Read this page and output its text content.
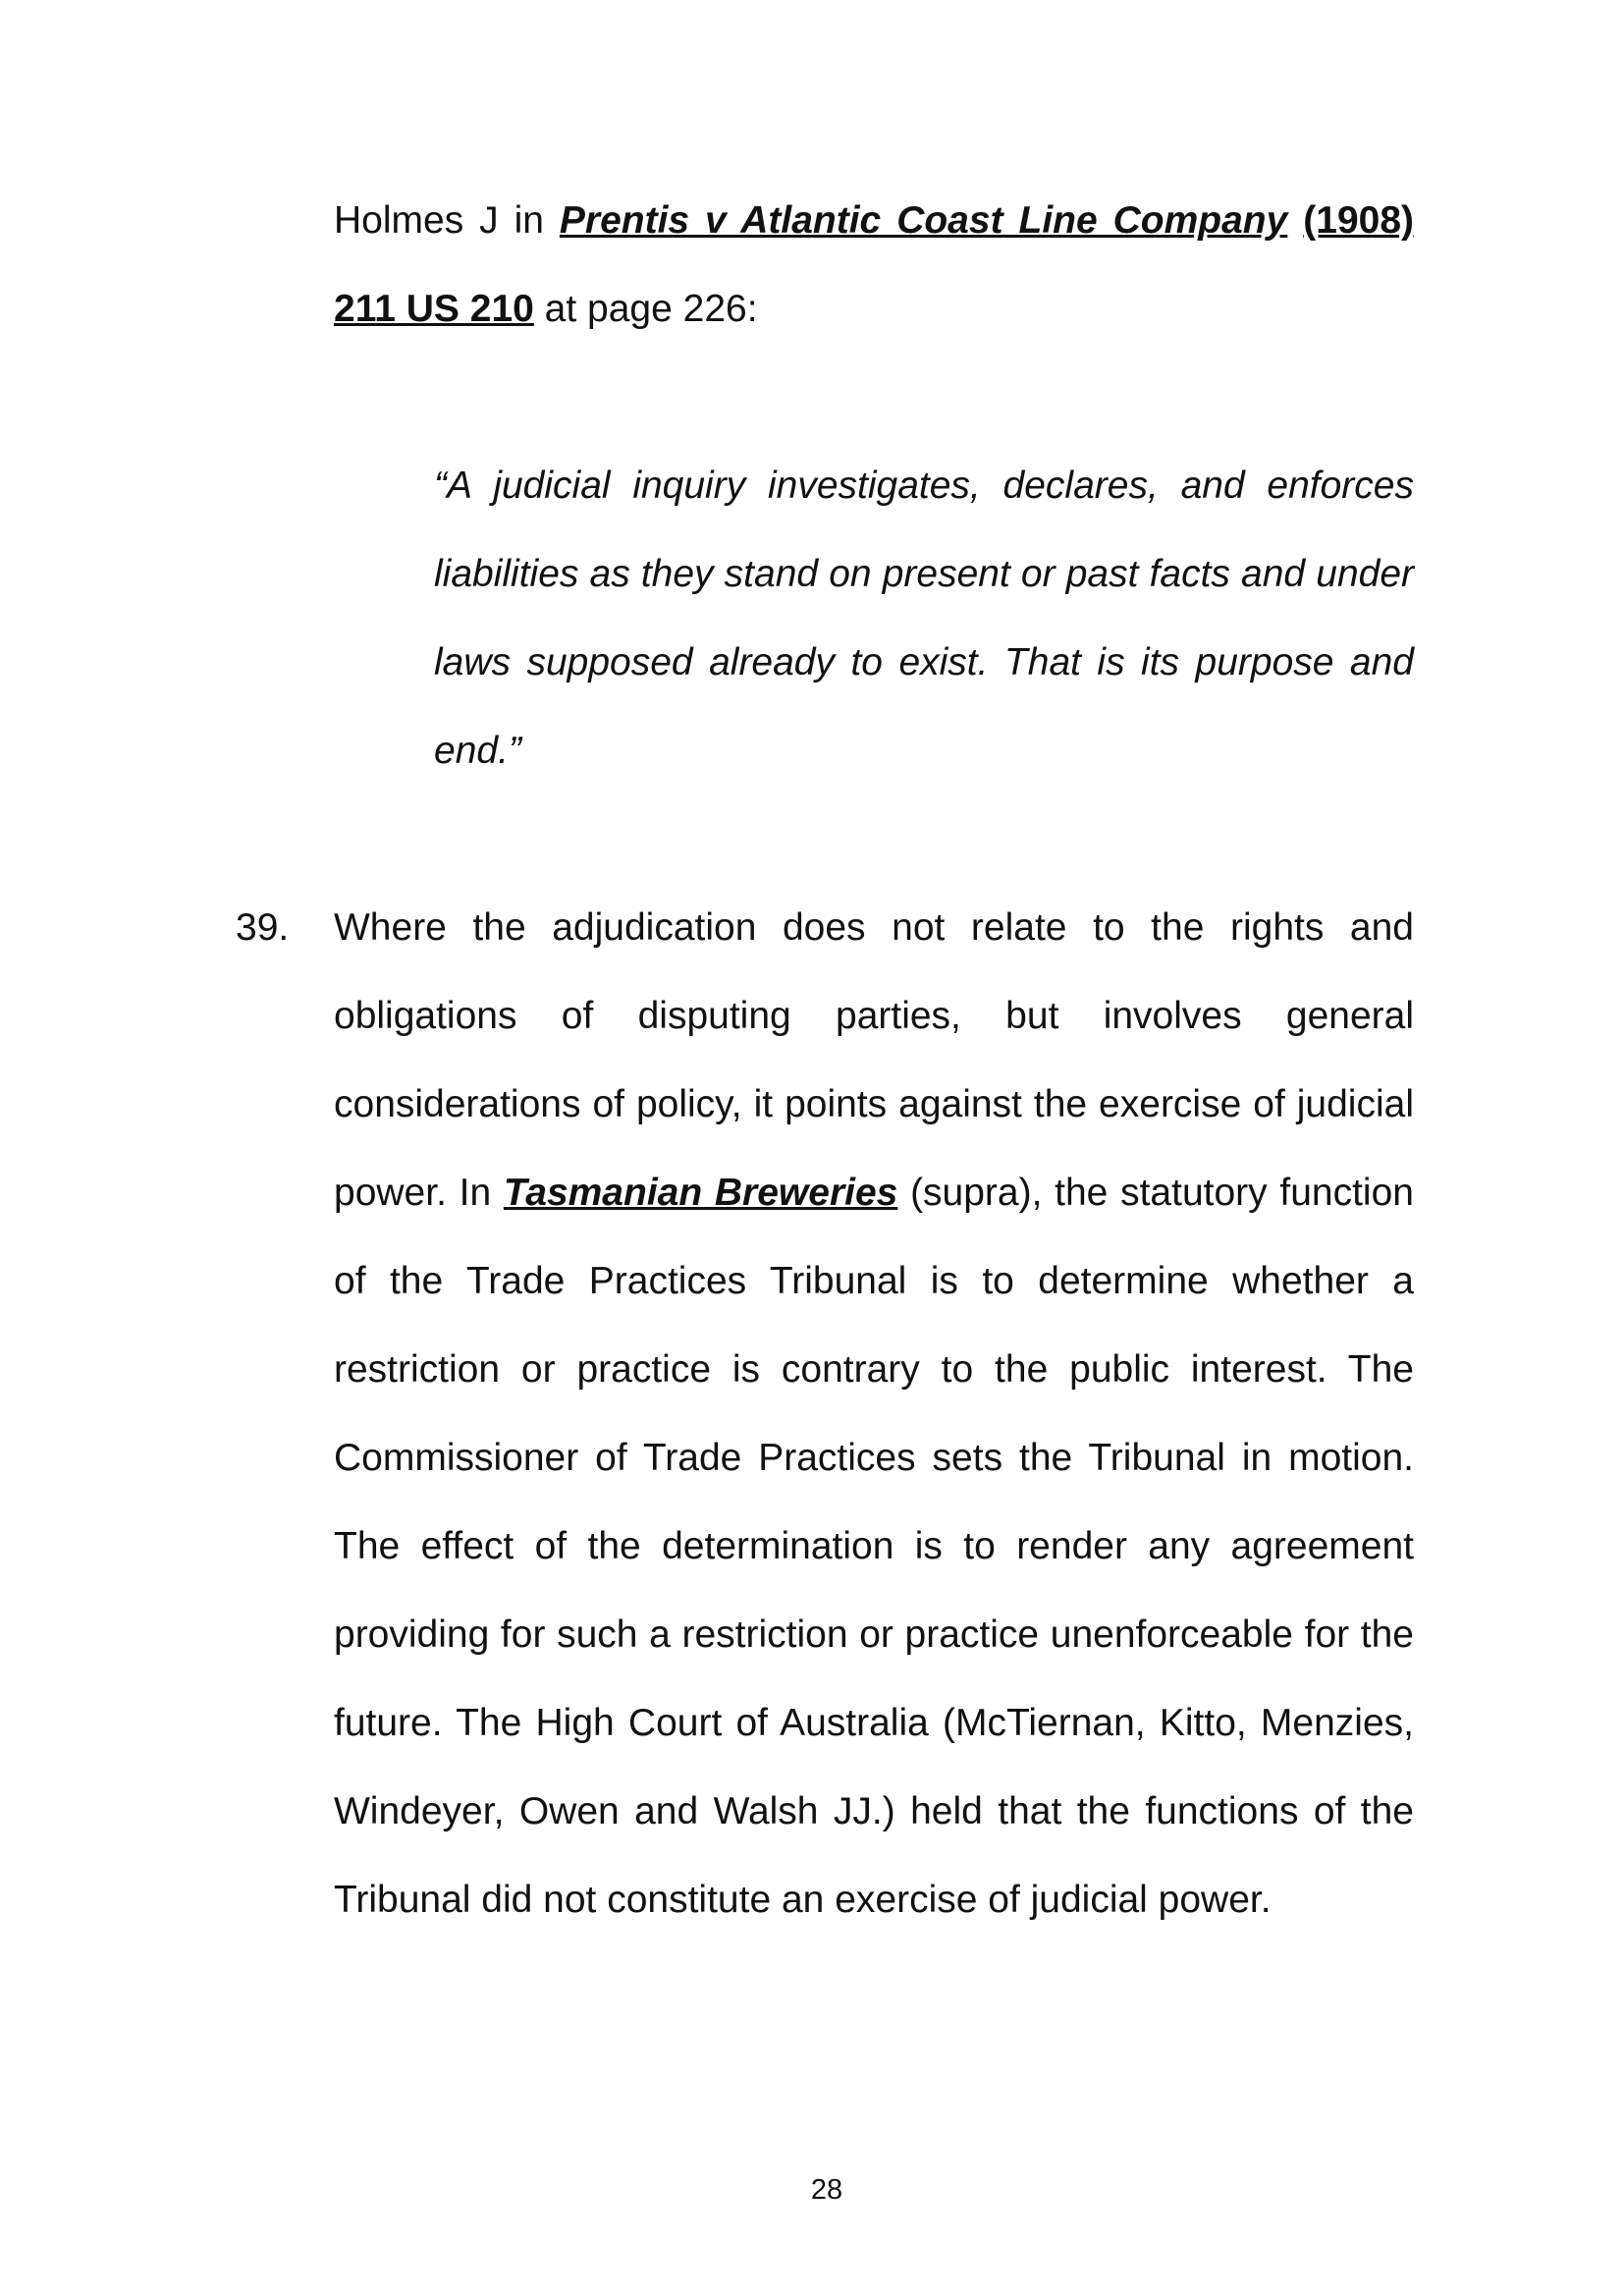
Holmes J in Prentis v Atlantic Coast Line Company (1908) 211 US 210 at page 226:
“A judicial inquiry investigates, declares, and enforces liabilities as they stand on present or past facts and under laws supposed already to exist. That is its purpose and end.”
39. Where the adjudication does not relate to the rights and obligations of disputing parties, but involves general considerations of policy, it points against the exercise of judicial power. In Tasmanian Breweries (supra), the statutory function of the Trade Practices Tribunal is to determine whether a restriction or practice is contrary to the public interest. The Commissioner of Trade Practices sets the Tribunal in motion. The effect of the determination is to render any agreement providing for such a restriction or practice unenforceable for the future. The High Court of Australia (McTiernan, Kitto, Menzies, Windeyer, Owen and Walsh JJ.) held that the functions of the Tribunal did not constitute an exercise of judicial power.
28
